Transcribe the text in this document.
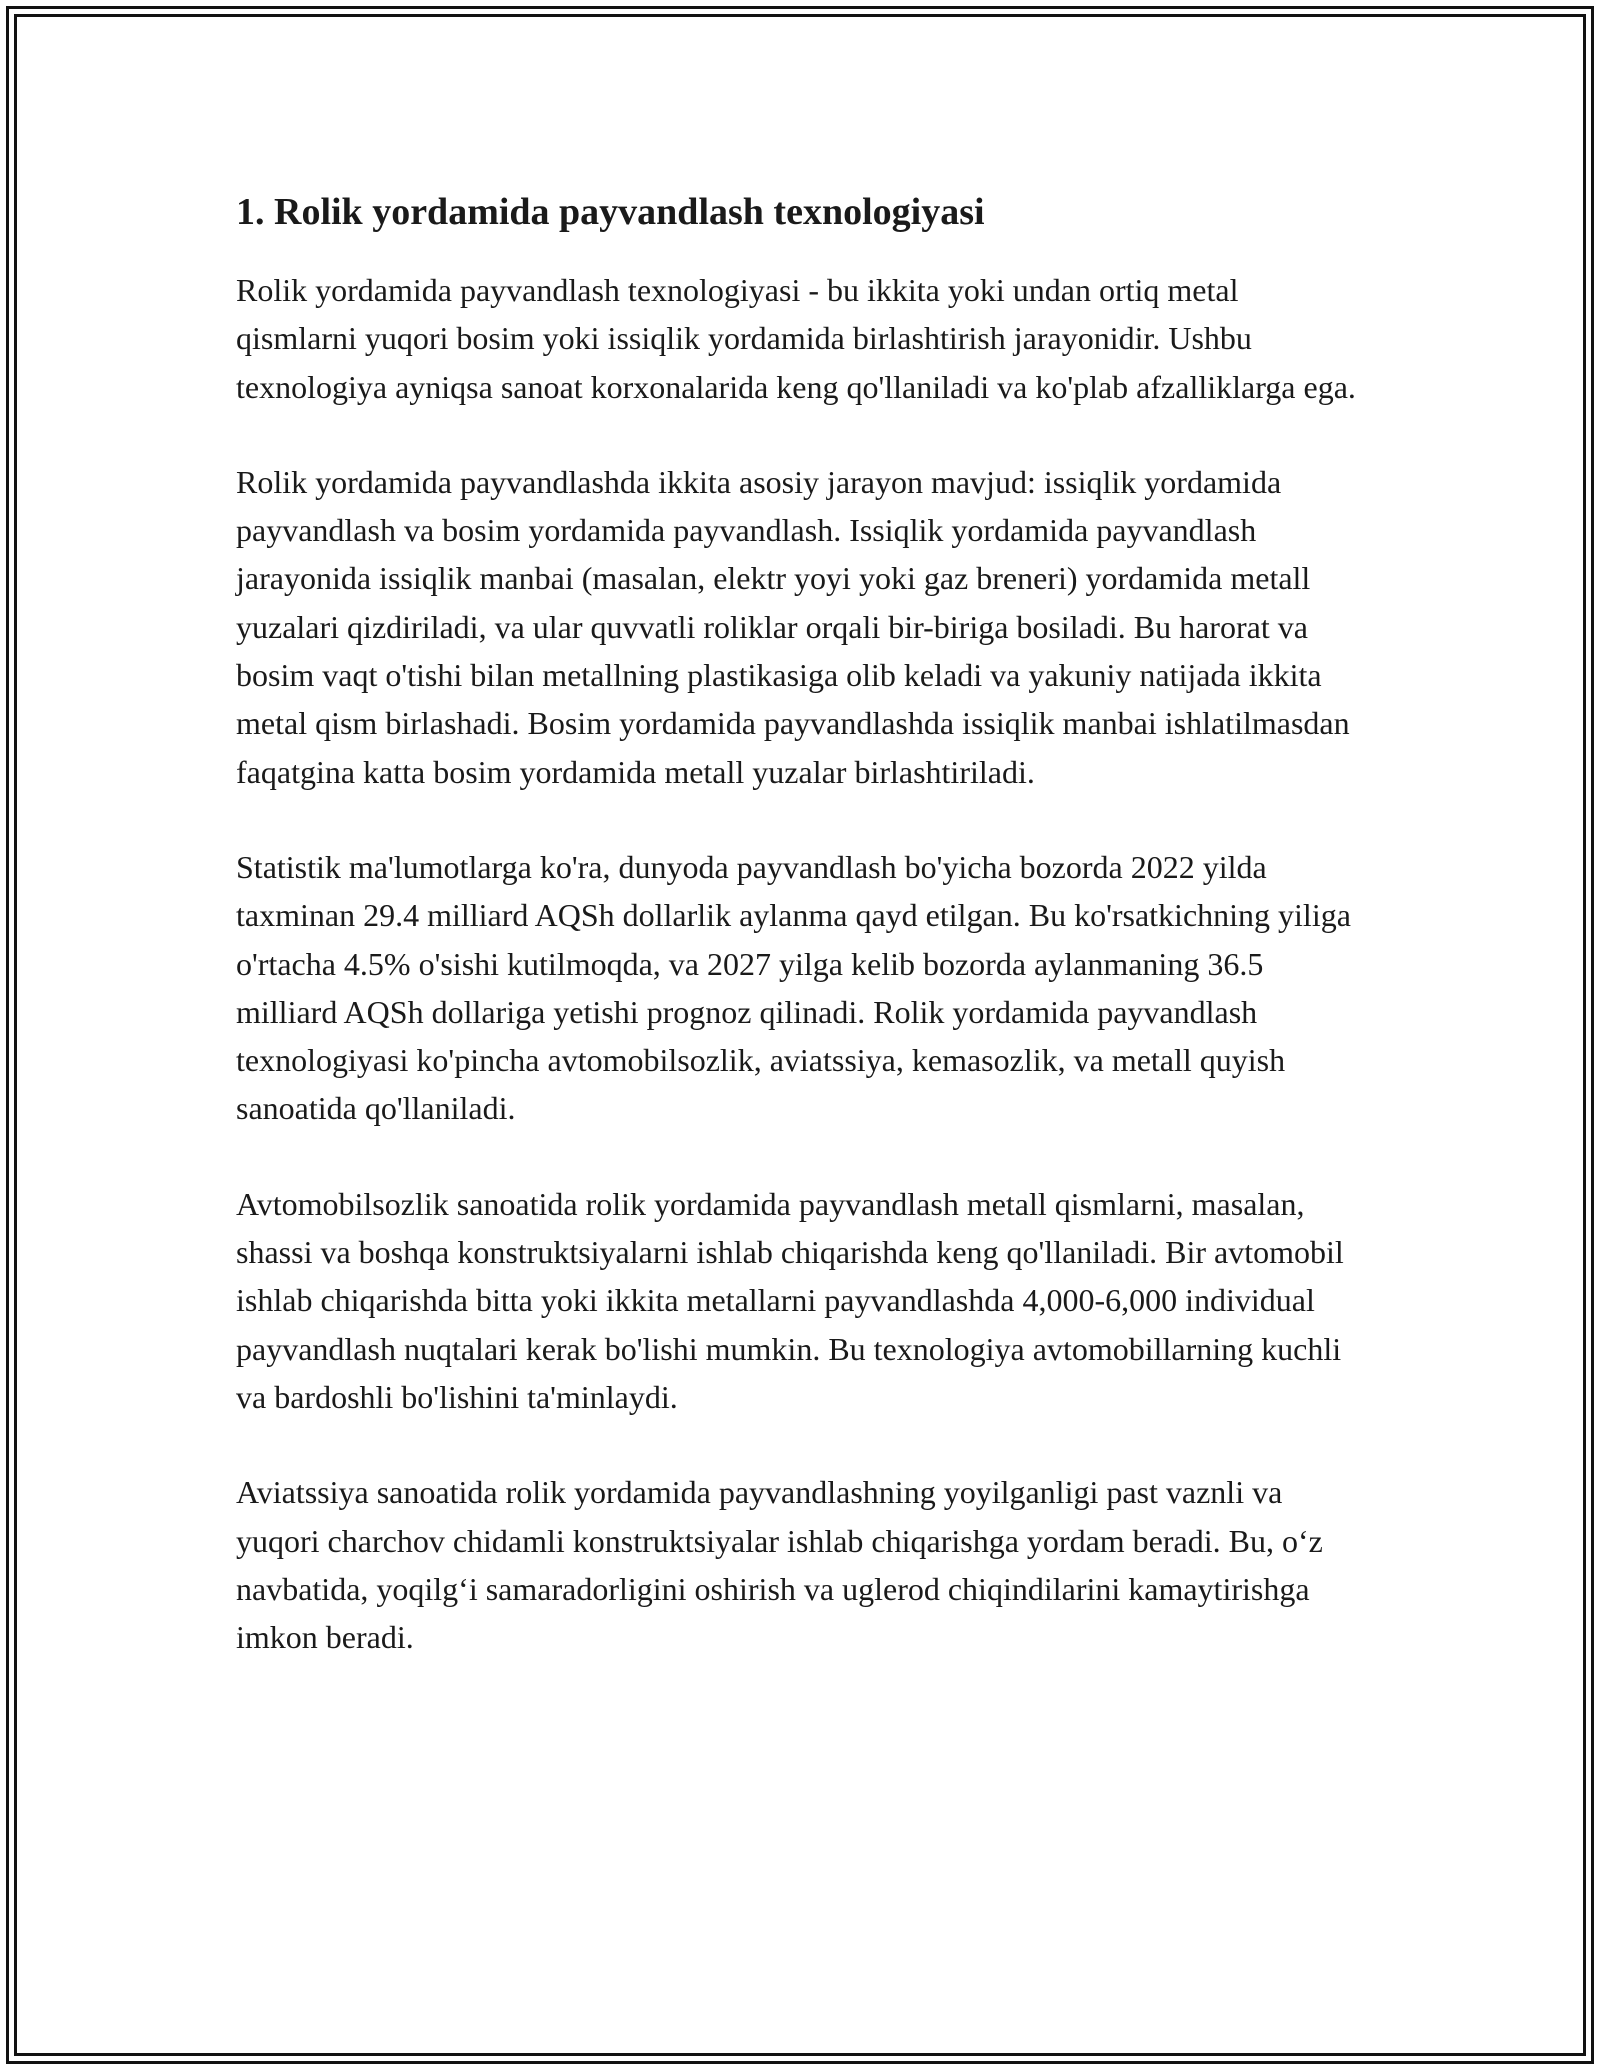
1. Rolik yordamida payvandlash texnologiyasi

Rolik yordamida payvandlash texnologiyasi - bu ikkita yoki undan ortiq metal qismlarni yuqori bosim yoki issiqlik yordamida birlashtirish jarayonidir. Ushbu texnologiya ayniqsa sanoat korxonalarida keng qo'llaniladi va ko'plab afzalliklarga ega.

Rolik yordamida payvandlashda ikkita asosiy jarayon mavjud: issiqlik yordamida payvandlash va bosim yordamida payvandlash. Issiqlik yordamida payvandlash jarayonida issiqlik manbai (masalan, elektr yoyi yoki gaz breneri) yordamida metall yuzalari qizdiriladi, va ular quvvatli roliklar orqali bir-biriga bosiladi. Bu harorat va bosim vaqt o'tishi bilan metallning plastikasiga olib keladi va yakuniy natijada ikkita metal qism birlashadi. Bosim yordamida payvandlashda issiqlik manbai ishlatilmasdan faqatgina katta bosim yordamida metall yuzalar birlashtiriladi.

Statistik ma'lumotlarga ko'ra, dunyoda payvandlash bo'yicha bozorda 2022 yilda taxminan 29.4 milliard AQSh dollarlik aylanma qayd etilgan. Bu ko'rsatkichning yiliga o'rtacha 4.5% o'sishi kutilmoqda, va 2027 yilga kelib bozorda aylanmaning 36.5 milliard AQSh dollariga yetishi prognoz qilinadi. Rolik yordamida payvandlash texnologiyasi ko'pincha avtomobilsozlik, aviatssiya, kemasozlik, va metall quyish sanoatida qo'llaniladi.

Avtomobilsozlik sanoatida rolik yordamida payvandlash metall qismlarni, masalan, shassi va boshqa konstruktsiyalarni ishlab chiqarishda keng qo'llaniladi. Bir avtomobil ishlab chiqarishda bitta yoki ikkita metallarni payvandlashda 4,000-6,000 individual payvandlash nuqtalari kerak bo'lishi mumkin. Bu texnologiya avtomobillarning kuchli va bardoshli bo'lishini ta'minlaydi.

Aviatssiya sanoatida rolik yordamida payvandlashning yoyilganligi past vaznli va yuqori charchov chidamli konstruktsiyalar ishlab chiqarishga yordam beradi. Bu, o‘z navbatida, yoqilg‘i samaradorligini oshirish va uglerod chiqindilarini kamaytirishga imkon beradi.
